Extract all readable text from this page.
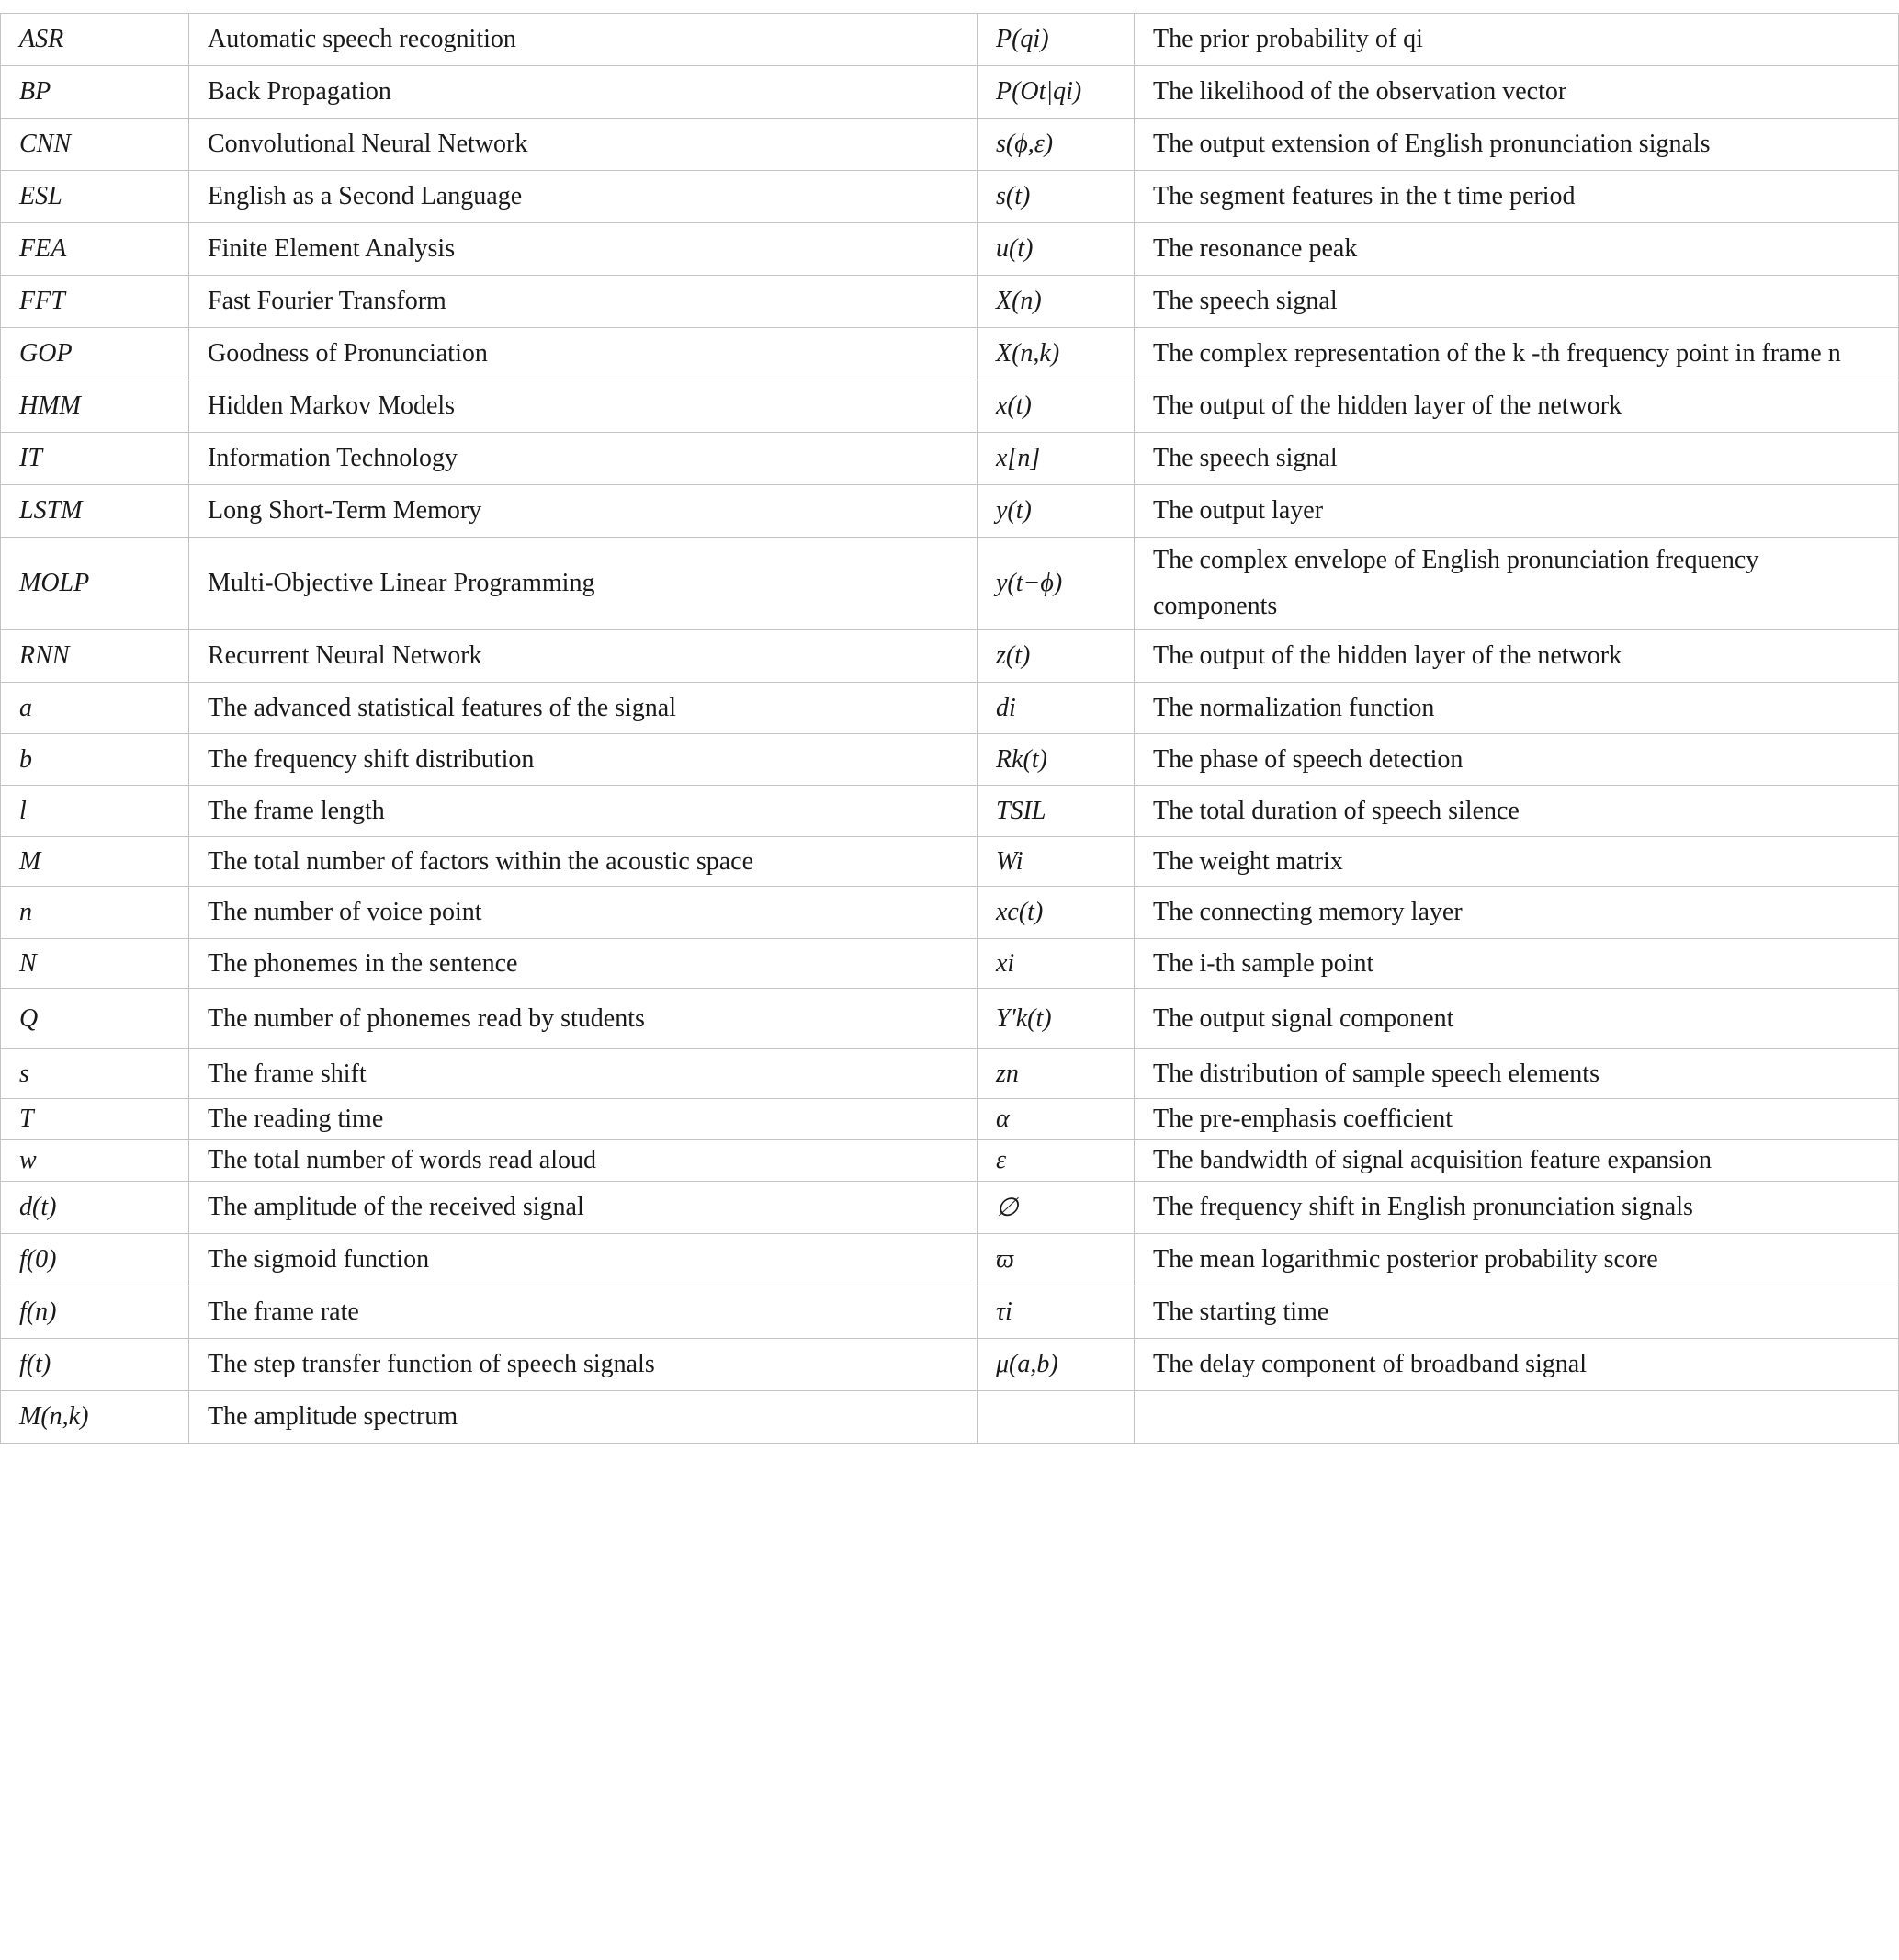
ASR	Automatic speech recognition	P(qi)	The prior probability of qi
BP	Back Propagation	P(Ot|qi)	The likelihood of the observation vector
CNN	Convolutional Neural Network	s(ϕ,ε)	The output extension of English pronunciation signals
ESL	English as a Second Language	s(t)	The segment features in the t time period
FEA	Finite Element Analysis	u(t)	The resonance peak
FFT	Fast Fourier Transform	X(n)	The speech signal
GOP	Goodness of Pronunciation	X(n,k)	The complex representation of the k -th frequency point in frame n
HMM	Hidden Markov Models	x(t)	The output of the hidden layer of the network
IT	Information Technology	x[n]	The speech signal
LSTM	Long Short-Term Memory	y(t)	The output layer
MOLP	Multi-Objective Linear Programming	y(t−ϕ)	The complex envelope of English pronunciation frequency components
RNN	Recurrent Neural Network	z(t)	The output of the hidden layer of the network
a	The advanced statistical features of the signal	di	The normalization function
b	The frequency shift distribution	Rk(t)	The phase of speech detection
l	The frame length	TSIL	The total duration of speech silence
M	The total number of factors within the acoustic space	Wi	The weight matrix
n	The number of voice point	xc(t)	The connecting memory layer
N	The phonemes in the sentence	xi	The i-th sample point
Q	The number of phonemes read by students	Y′k(t)	The output signal component
s	The frame shift	zn	The distribution of sample speech elements
T	The reading time	α	The pre-emphasis coefficient
w	The total number of words read aloud	ε	The bandwidth of signal acquisition feature expansion
d(t)	The amplitude of the received signal	∅	The frequency shift in English pronunciation signals
f(0)	The sigmoid function	ϖ	The mean logarithmic posterior probability score
f(n)	The frame rate	τi	The starting time
f(t)	The step transfer function of speech signals	μ(a,b)	The delay component of broadband signal
M(n,k)	The amplitude spectrum		
